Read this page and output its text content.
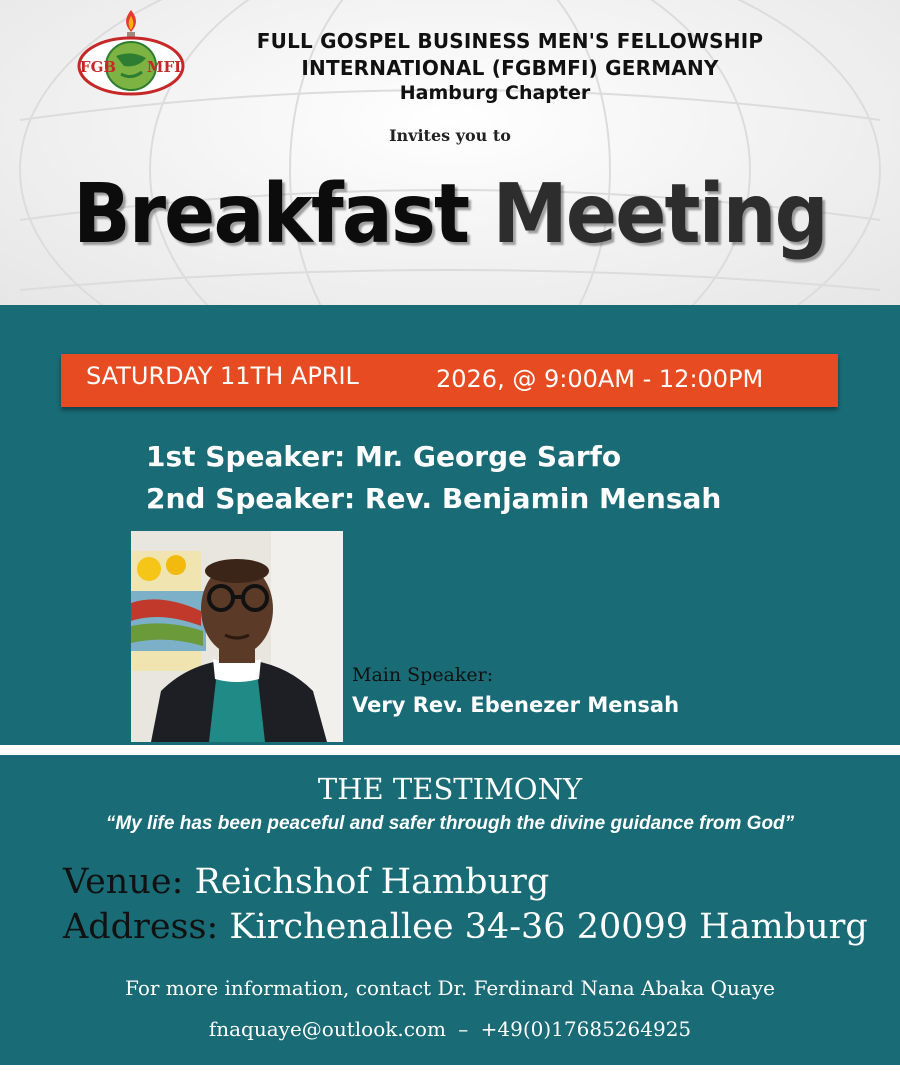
FGB MFI
FULL GOSPEL BUSINESS MEN'S FELLOWSHIP
INTERNATIONAL (FGBMFI) GERMANY
Hamburg Chapter
Invites you to
Breakfast Meeting
SATURDAY 11TH APRIL	2026, @ 9:00AM - 12:00PM
1st Speaker: Mr. George Sarfo
2nd Speaker: Rev. Benjamin Mensah
Main Speaker:
Very Rev. Ebenezer Mensah
THE TESTIMONY
“My life has been peaceful and safer through the divine guidance from God”
Venue: Reichshof Hamburg
Address: Kirchenallee 34-36 20099 Hamburg
For more information, contact Dr. Ferdinard Nana Abaka Quaye
fnaquaye@outlook.com – +49(0)17685264925
